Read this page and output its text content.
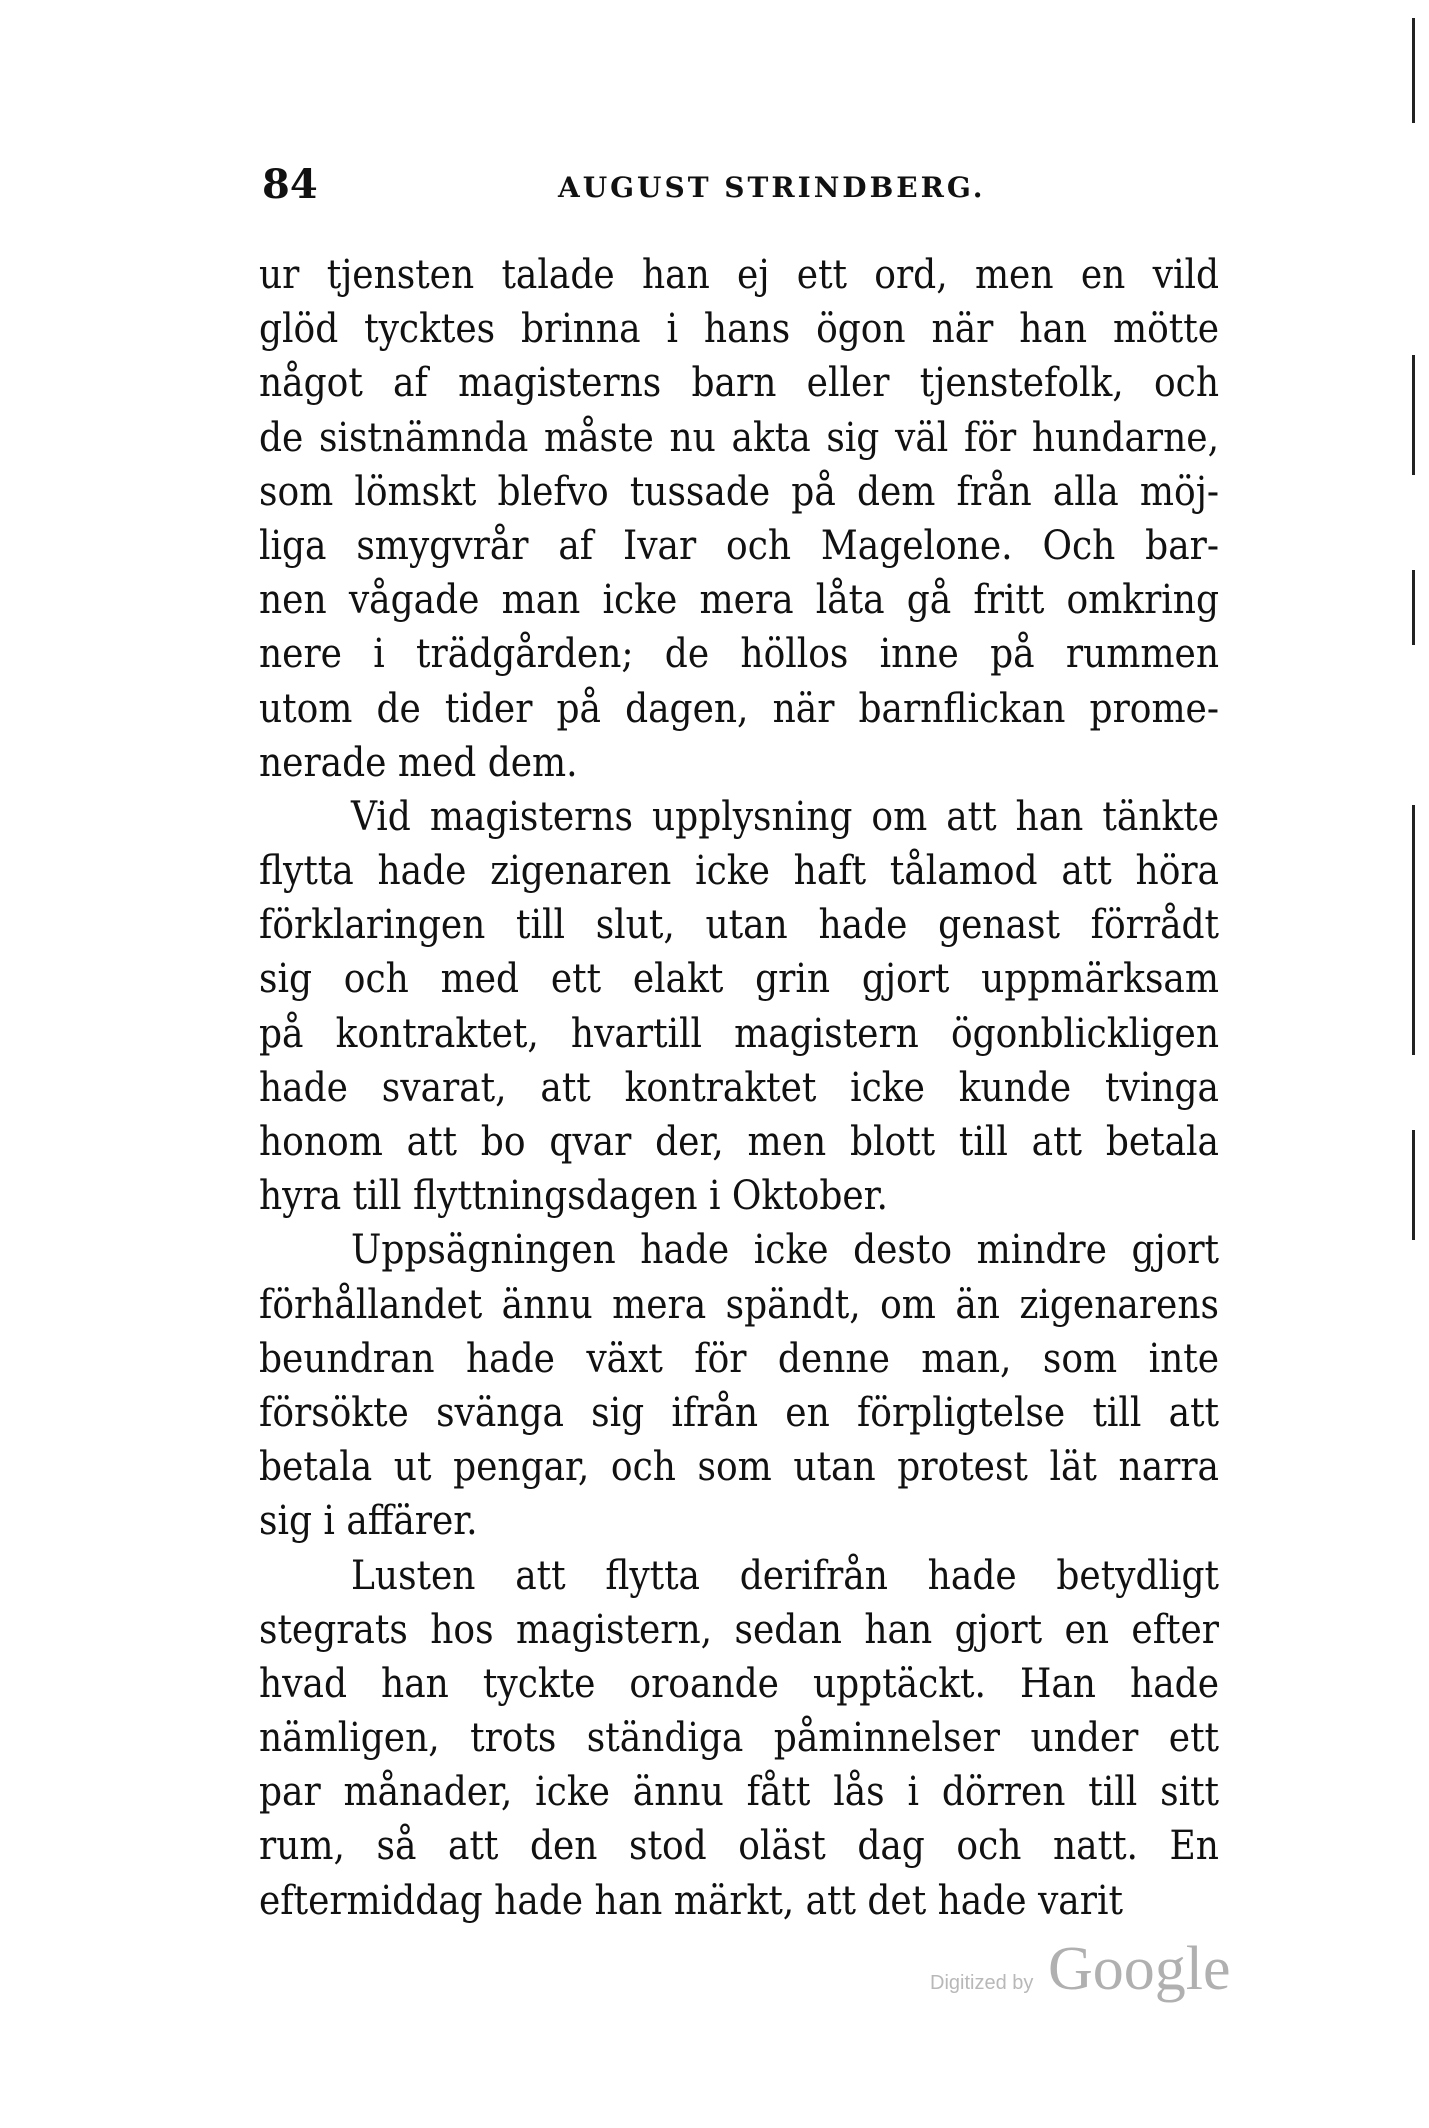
84	AUGUST STRINDBERG.

ur tjensten talade han ej ett ord, men en vild
glöd tycktes brinna i hans ögon när han mötte
något af magisterns barn eller tjenstefolk, och
de sistnämnda måste nu akta sig väl för hundarne,
som lömskt blefvo tussade på dem från alla möj-
liga smygvrår af Ivar och Magelone. Och bar-
nen vågade man icke mera låta gå fritt omkring
nere i trädgården; de höllos inne på rummen
utom de tider på dagen, när barnflickan prome-
nerade med dem.

Vid magisterns upplysning om att han tänkte
flytta hade zigenaren icke haft tålamod att höra
förklaringen till slut, utan hade genast förrådt
sig och med ett elakt grin gjort uppmärksam
på kontraktet, hvartill magistern ögonblickligen
hade svarat, att kontraktet icke kunde tvinga
honom att bo qvar der, men blott till att betala
hyra till flyttningsdagen i Oktober.

Uppsägningen hade icke desto mindre gjort
förhållandet ännu mera spändt, om än zigenarens
beundran hade växt för denne man, som inte
försökte svänga sig ifrån en förpligtelse till att
betala ut pengar, och som utan protest lät narra
sig i affärer.

Lusten att flytta derifrån hade betydligt
stegrats hos magistern, sedan han gjort en efter
hvad han tyckte oroande upptäckt. Han hade
nämligen, trots ständiga påminnelser under ett
par månader, icke ännu fått lås i dörren till sitt
rum, så att den stod oläst dag och natt. En
eftermiddag hade han märkt, att det hade varit

Digitized by Google
